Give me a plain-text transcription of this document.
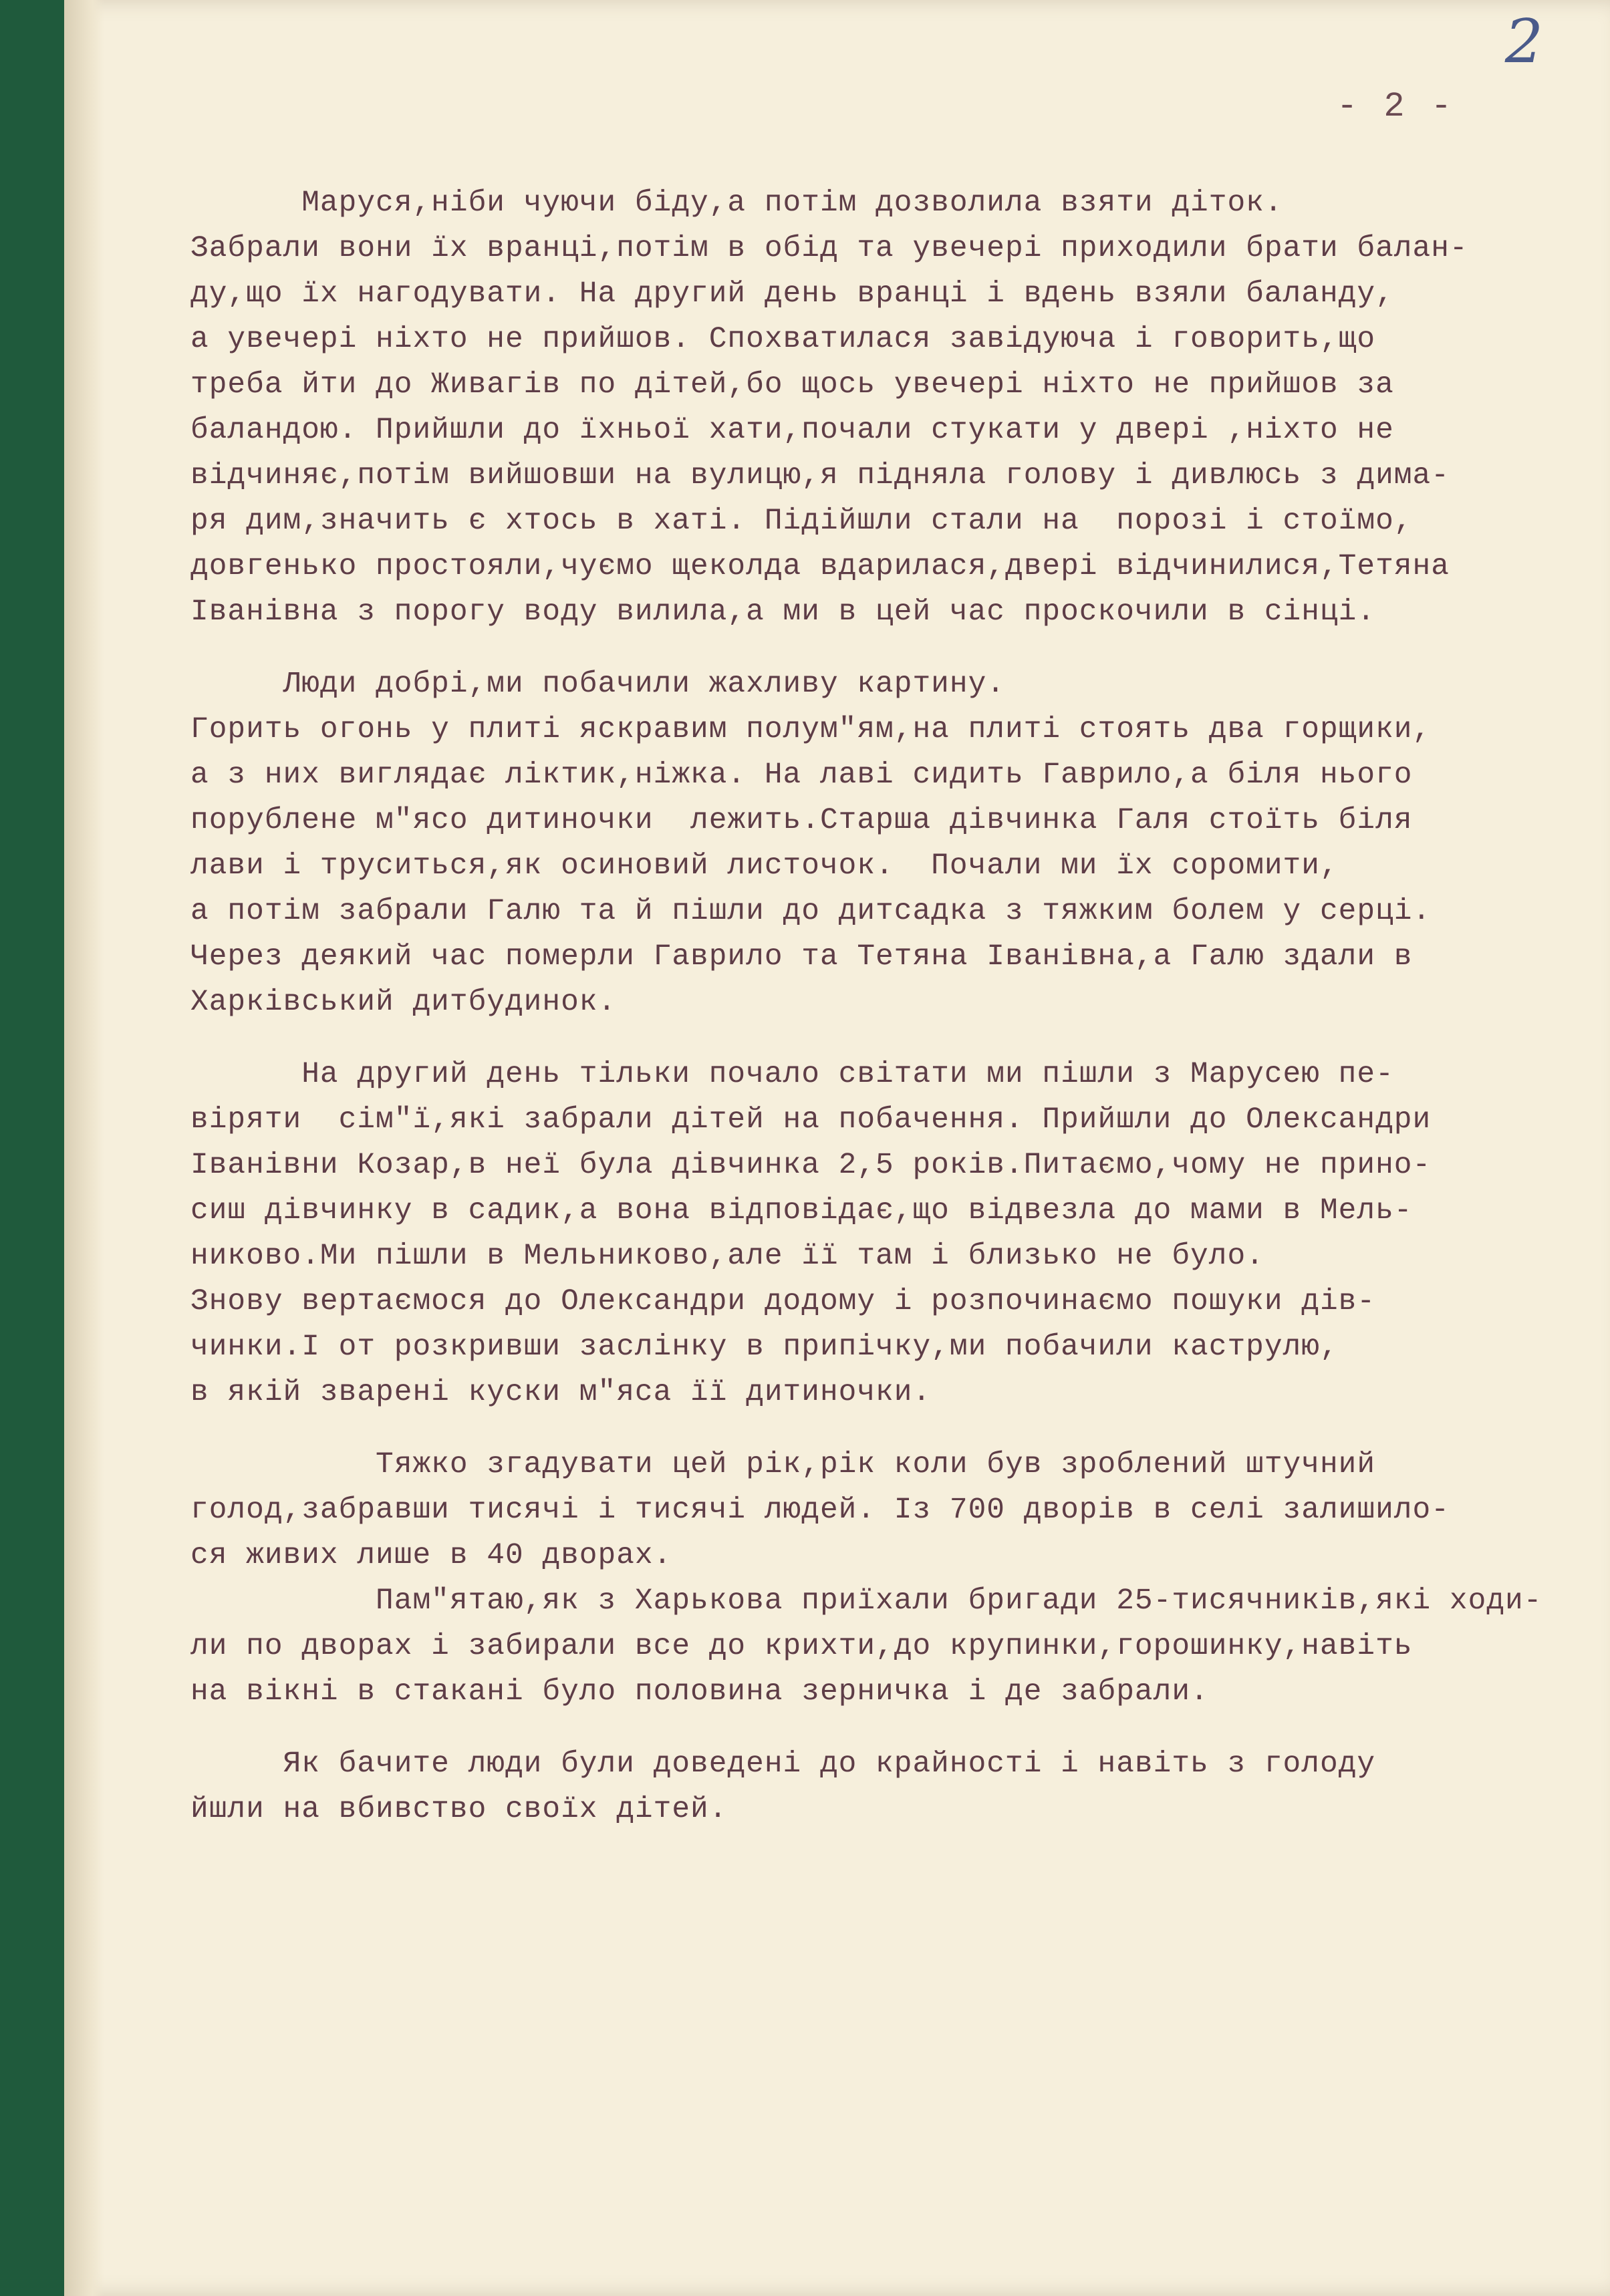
2
- 2 -

Маруся,ніби чуючи біду,а потім дозволила взяти діток.
Забрали вони їх вранці,потім в обід та увечері приходили брати балан-
ду,що їх нагодувати. На другий день вранці і вдень взяли баланду,
а увечері ніхто не прийшов. Спохватилася завідуюча і говорить,що
треба йти до Живагів по дітей,бо щось увечері ніхто не прийшов за
баландою. Прийшли до їхньої хати,почали стукати у двері ,ніхто не
відчиняє,потім вийшовши на вулицю,я підняла голову і дивлюсь з дима-
ря дим,значить є хтось в хаті. Підійшли стали на  порозі і стоїмо,
довгенько простояли,чуємо щеколда вдарилася,двері відчинилися,Тетяна
Іванівна з порогу воду вилила,а ми в цей час проскочили в сінці.

Люди добрі,ми побачили жахливу картину.
Горить огонь у плиті яскравим полум"ям,на плиті стоять два горщики,
а з них виглядає ліктик,ніжка. На лаві сидить Гаврило,а біля нього
порублене м"ясо дитиночки  лежить.Старша дівчинка Галя стоїть біля
лави і труситься,як осиновий листочок.  Почали ми їх соромити,
а потім забрали Галю та й пішли до дитсадка з тяжким болем у серці.
Через деякий час померли Гаврило та Тетяна Іванівна,а Галю здали в
Харківський дитбудинок.

На другий день тільки почало світати ми пішли з Марусею пе-
віряти  сім"ї,які забрали дітей на побачення. Прийшли до Олександри
Іванівни Козар,в неї була дівчинка 2,5 років.Питаємо,чому не прино-
сиш дівчинку в садик,а вона відповідає,що відвезла до мами в Мель-
никово.Ми пішли в Мельниково,але її там і близько не було.
Знову вертаємося до Олександри додому і розпочинаємо пошуки дів-
чинки.І от розкривши заслінку в припічку,ми побачили каструлю,
в якій зварені куски м"яса її дитиночки.

Тяжко згадувати цей рік,рік коли був зроблений штучний
голод,забравши тисячі і тисячі людей. Із 700 дворів в селі залишило-
ся живих лише в 40 дворах.

Пам"ятаю,як з Харькова приїхали бригади 25-тисячників,які ходи-
ли по дворах і забирали все до крихти,до крупинки,горошинку,навіть
на вікні в стакані було половина зерничка і де забрали.

Як бачите люди були доведені до крайності і навіть з голоду
йшли на вбивство своїх дітей.
